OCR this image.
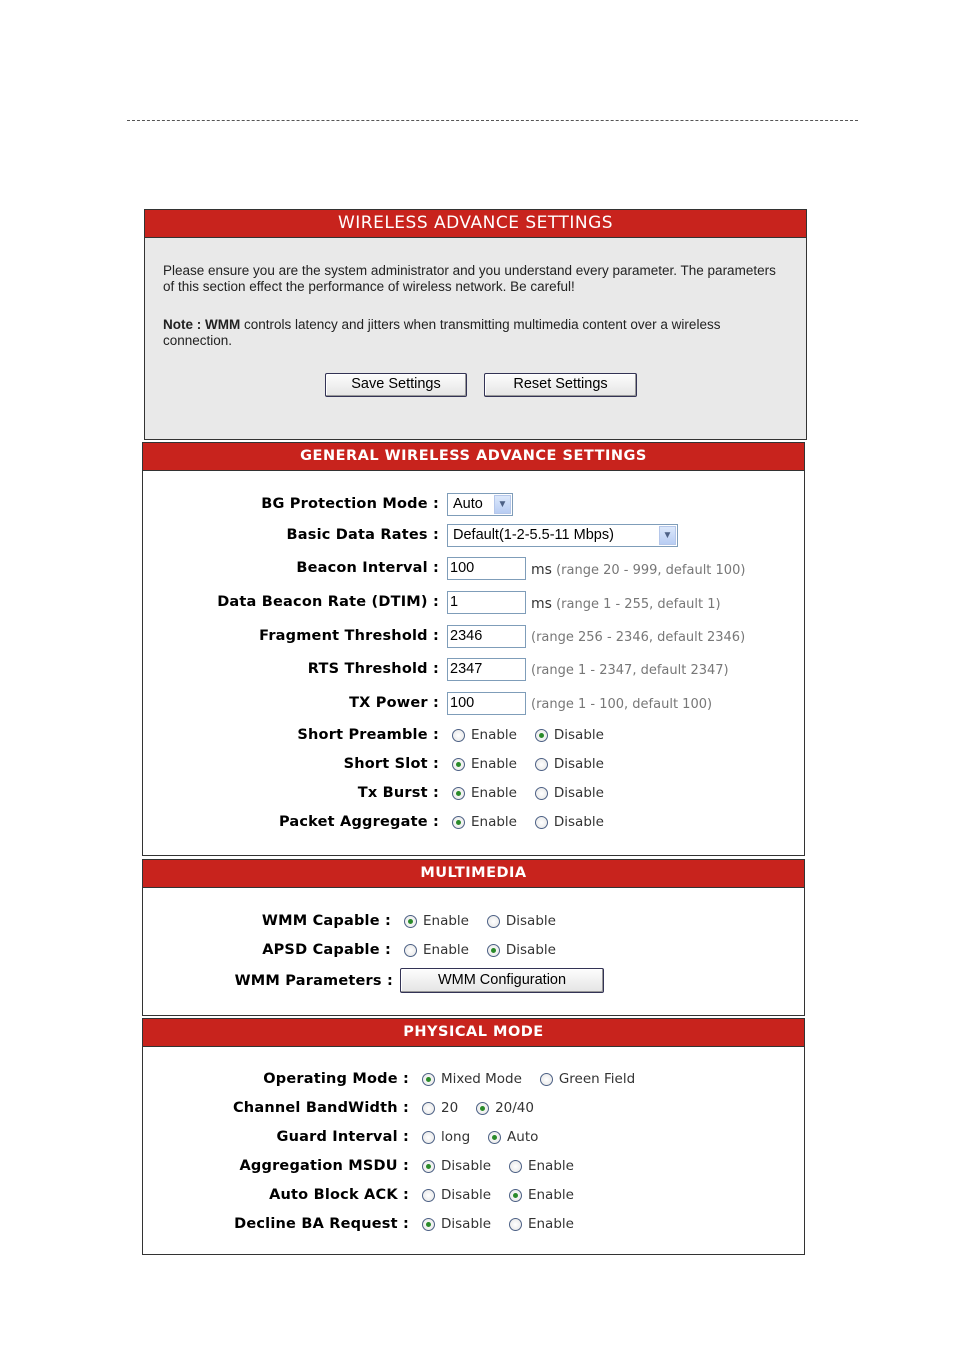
WIRELESS ADVANCE SETTINGS
Please ensure you are the system administrator and you understand every parameter. The parameters of this section effect the performance of wireless network. Be careful!
Note : WMM controls latency and jitters when transmitting multimedia content over a wireless connection.
Save Settings	Reset Settings
GENERAL WIRELESS ADVANCE SETTINGS
BG Protection Mode : Auto	▼
Basic Data Rates : Default(1-2-5.5-11 Mbps)	▼
Beacon Interval : 100	ms (range 20 - 999, default 100)
Data Beacon Rate (DTIM) : 1	ms (range 1 - 255, default 1)
Fragment Threshold : 2346	(range 256 - 2346, default 2346)
RTS Threshold : 2347	(range 1 - 2347, default 2347)
TX Power : 100	(range 1 - 100, default 100)
Short Preamble :	Enable	Disable
Short Slot :	Enable	Disable
Tx Burst :	Enable	Disable
Packet Aggregate :	Enable	Disable
MULTIMEDIA
WMM Capable :	Enable	Disable
APSD Capable :	Enable	Disable
WMM Parameters :	WMM Configuration
PHYSICAL MODE
Operating Mode :	Mixed Mode	Green Field
Channel BandWidth :	20	20/40
Guard Interval :	long	Auto
Aggregation MSDU :	Disable	Enable
Auto Block ACK :	Disable	Enable
Decline BA Request :	Disable	Enable
